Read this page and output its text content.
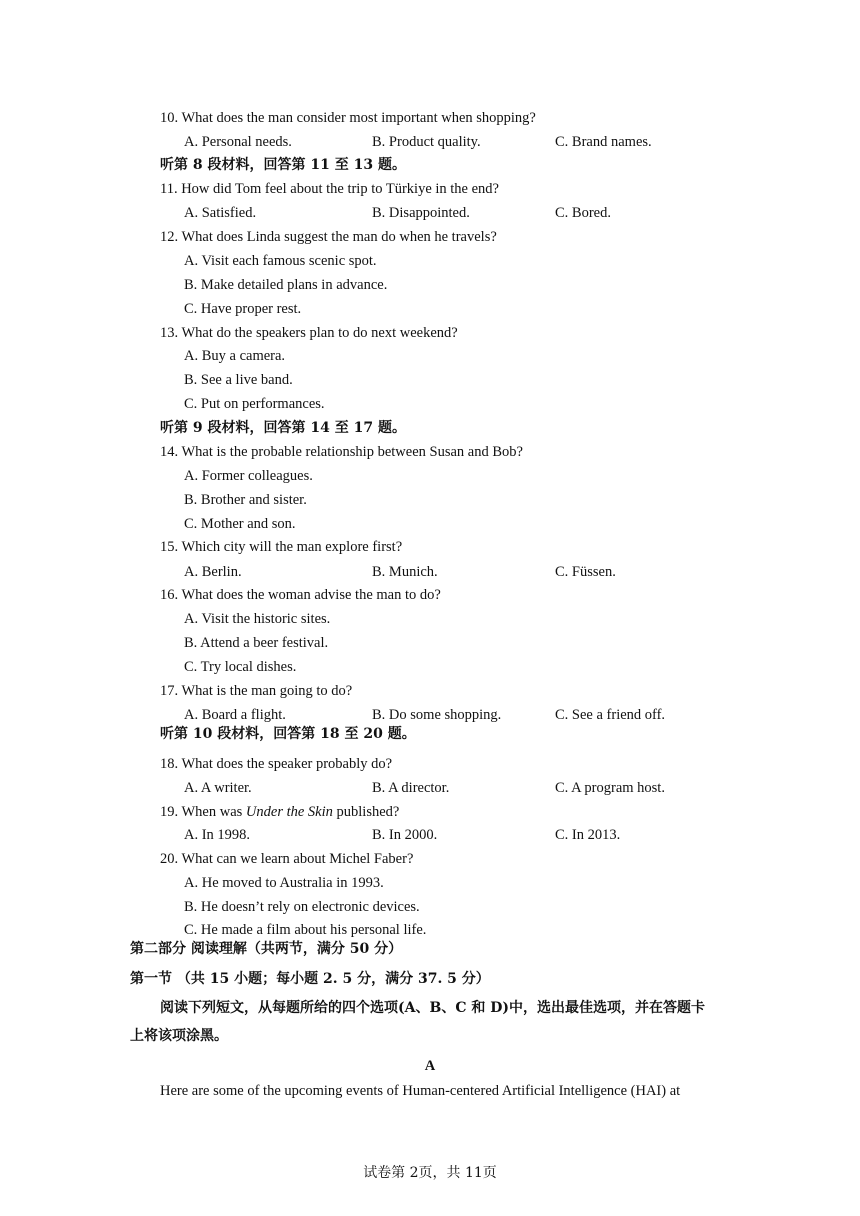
10. What does the man consider most important when shopping?
A. Personal needs.	B. Product quality.	C. Brand names.
听第 8 段材料，回答第 11 至 13 题。
11. How did Tom feel about the trip to Türkiye in the end?
A. Satisfied.	B. Disappointed.	C. Bored.
12. What does Linda suggest the man do when he travels?
A. Visit each famous scenic spot.
B. Make detailed plans in advance.
C. Have proper rest.
13. What do the speakers plan to do next weekend?
A. Buy a camera.
B. See a live band.
C. Put on performances.
听第 9 段材料，回答第 14 至 17 题。
14. What is the probable relationship between Susan and Bob?
A. Former colleagues.
B. Brother and sister.
C. Mother and son.
15. Which city will the man explore first?
A. Berlin.	B. Munich.	C. Füssen.
16. What does the woman advise the man to do?
A. Visit the historic sites.
B. Attend a beer festival.
C. Try local dishes.
17. What is the man going to do?
A. Board a flight.	B. Do some shopping.	C. See a friend off.
听第 10 段材料，回答第 18 至 20 题。
18. What does the speaker probably do?
A. A writer.	B. A director.	C. A program host.
19. When was Under the Skin published?
A. In 1998.	B. In 2000.	C. In 2013.
20. What can we learn about Michel Faber?
A. He moved to Australia in 1993.
B. He doesn’t rely on electronic devices.
C. He made a film about his personal life.
第二部分 阅读理解（共两节，满分 50 分）
第一节 （共 15 小题；每小题 2. 5 分，满分 37. 5 分）
阅读下列短文，从每题所给的四个选项(A、B、C 和 D)中，选出最佳选项，并在答题卡
上将该项涂黑。
A
Here are some of the upcoming events of Human-centered Artificial Intelligence (HAI) at
试卷第 2页，共 11页
